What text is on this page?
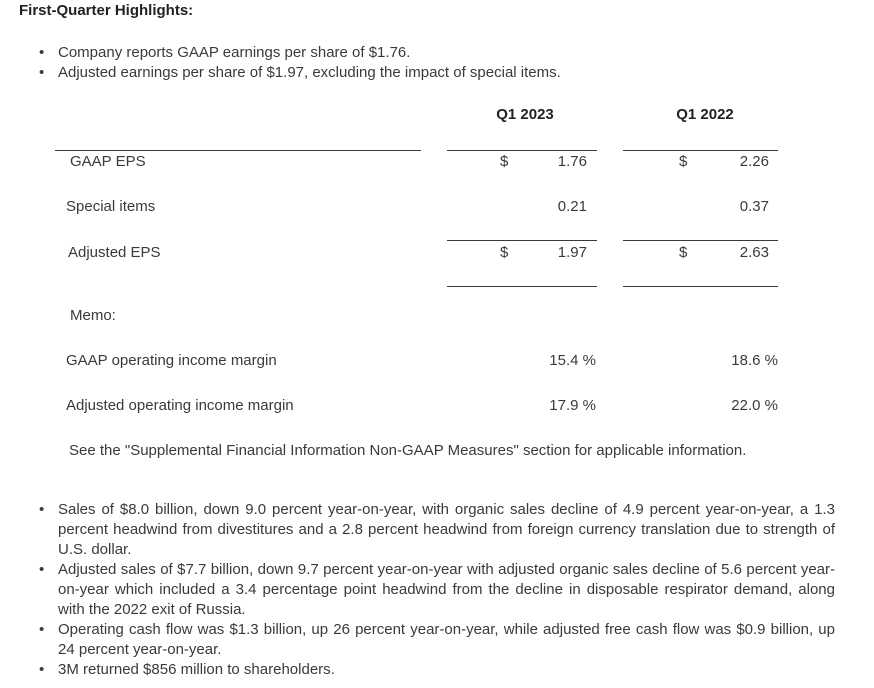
First-Quarter Highlights:
• Company reports GAAP earnings per share of $1.76.
• Adjusted earnings per share of $1.97, excluding the impact of special items.
Q1 2023	Q1 2022
GAAP EPS	$	1.76	$	2.26
Special items	0.21	0.37
Adjusted EPS	$	1.97	$	2.63
Memo:
GAAP operating income margin	15.4 %	18.6 %
Adjusted operating income margin	17.9 %	22.0 %
See the "Supplemental Financial Information Non-GAAP Measures" section for applicable information.
• Sales of $8.0 billion, down 9.0 percent year-on-year, with organic sales decline of 4.9 percent year-on-year, a 1.3 percent headwind from divestitures and a 2.8 percent headwind from foreign currency translation due to strength of U.S. dollar.
• Adjusted sales of $7.7 billion, down 9.7 percent year-on-year with adjusted organic sales decline of 5.6 percent year-on-year which included a 3.4 percentage point headwind from the decline in disposable respirator demand, along with the 2022 exit of Russia.
• Operating cash flow was $1.3 billion, up 26 percent year-on-year, while adjusted free cash flow was $0.9 billion, up 24 percent year-on-year.
• 3M returned $856 million to shareholders.
